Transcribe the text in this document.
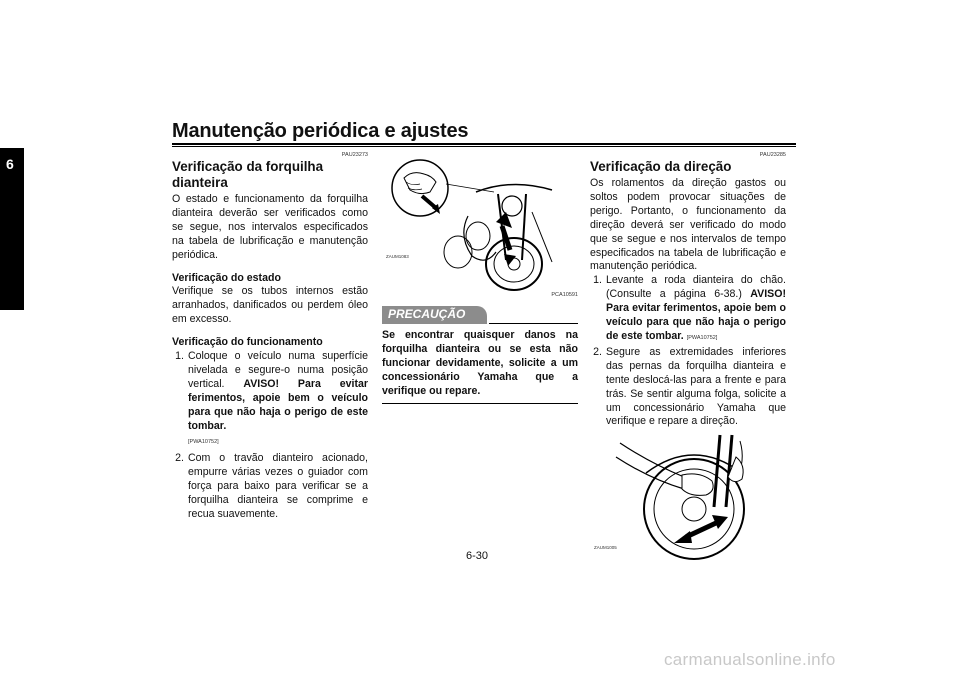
Manutenção periódica e ajustes
6
PAU23273
Verificação da forquilha dianteira

O estado e funcionamento da forquilha dianteira deverão ser verificados como se segue, nos intervalos especificados na tabela de lubrificação e manutenção periódica.

Verificação do estado

Verifique se os tubos internos estão arranhados, danificados ou perdem óleo em excesso.

Verificação do funcionamento
1. Coloque o veículo numa superfície nivelada e segure-o numa posição vertical. AVISO! Para evitar ferimentos, apoie bem o veículo para que não haja o perigo de este tombar.
[PWA10752]
2. Com o travão dianteiro acionado, empurre várias vezes o guiador com força para baixo para verificar se a forquilha dianteira se comprime e recua suavemente.
ZAUM1083
PCA10591
PRECAUÇÃO

Se encontrar quaisquer danos na forquilha dianteira ou se esta não funcionar devidamente, solicite a um concessionário Yamaha que a verifique ou repare.

PAU23285
Verificação da direção

Os rolamentos da direção gastos ou soltos podem provocar situações de perigo. Portanto, o funcionamento da direção deverá ser verificado do modo que se segue e nos intervalos de tempo especificados na tabela de lubrificação e manutenção periódica.

1. Levante a roda dianteira do chão. (Consulte a página 6-38.) AVISO! Para evitar ferimentos, apoie bem o veículo para que não haja o perigo de este tombar. [PWA10752]
2. Segure as extremidades inferiores das pernas da forquilha dianteira e tente deslocá-las para a frente e para trás. Se sentir alguma folga, solicite a um concessionário Yamaha que verifique e repare a direção.
ZAUM1005
6-30
carmanualsonline.info
